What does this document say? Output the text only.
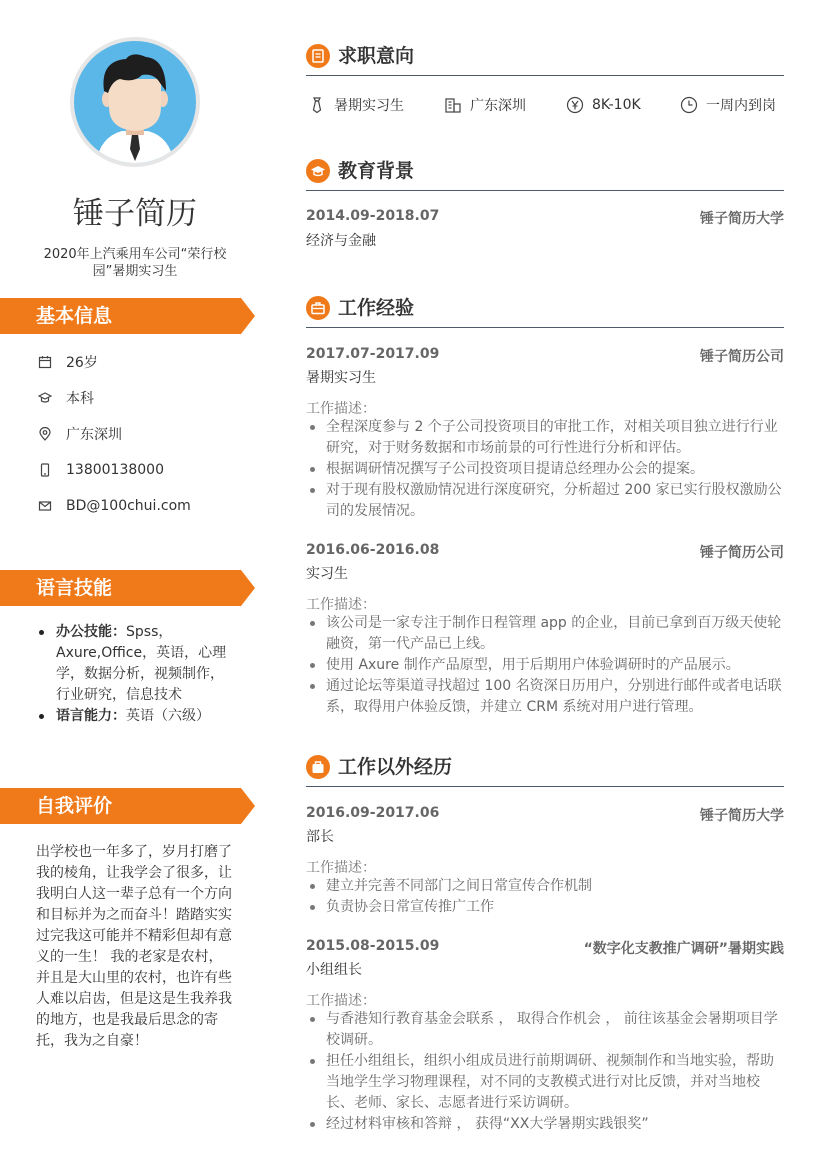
锤子简历
2020年上汽乘用车公司“荣行校园”暑期实习生
基本信息
26岁
本科
广东深圳
13800138000
BD@100chui.com
语言技能
办公技能：Spss，Axure,Office，英语，心理学，数据分析，视频制作，行业研究，信息技术
语言能力：英语（六级）
自我评价
出学校也一年多了，岁月打磨了我的棱角，让我学会了很多，让我明白人这一辈子总有一个方向和目标并为之而奋斗！踏踏实实过完我这可能并不精彩但却有意义的一生！ 我的老家是农村，并且是大山里的农村，也许有些人难以启齿，但是这是生我养我的地方，也是我最后思念的寄托，我为之自豪！
求职意向
暑期实习生	广东深圳	8K-10K	一周内到岗
教育背景
2014.09-2018.07	锤子简历大学
经济与金融
工作经验
2017.07-2017.09	锤子简历公司
暑期实习生
工作描述：
全程深度参与 2 个子公司投资项目的审批工作，对相关项目独立进行行业研究，对于财务数据和市场前景的可行性进行分析和评估。
根据调研情况撰写子公司投资项目提请总经理办公会的提案。
对于现有股权激励情况进行深度研究，分析超过 200 家已实行股权激励公司的发展情况。
2016.06-2016.08	锤子简历公司
实习生
工作描述：
该公司是一家专注于制作日程管理 app 的企业，目前已拿到百万级天使轮融资，第一代产品已上线。
使用 Axure 制作产品原型，用于后期用户体验调研时的产品展示。
通过论坛等渠道寻找超过 100 名资深日历用户，分别进行邮件或者电话联系，取得用户体验反馈，并建立 CRM 系统对用户进行管理。
工作以外经历
2016.09-2017.06	锤子简历大学
部长
工作描述：
建立并完善不同部门之间日常宣传合作机制
负责协会日常宣传推广工作
2015.08-2015.09	“数字化支教推广调研”暑期实践
小组组长
工作描述：
与香港知行教育基金会联系 ， 取得合作机会 ， 前往该基金会暑期项目学校调研。
担任小组组长，组织小组成员进行前期调研、视频制作和当地实验，帮助当地学生学习物理课程，对不同的支教模式进行对比反馈，并对当地校长、老师、家长、志愿者进行采访调研。
经过材料审核和答辩 ， 获得“XX大学暑期实践银奖”
